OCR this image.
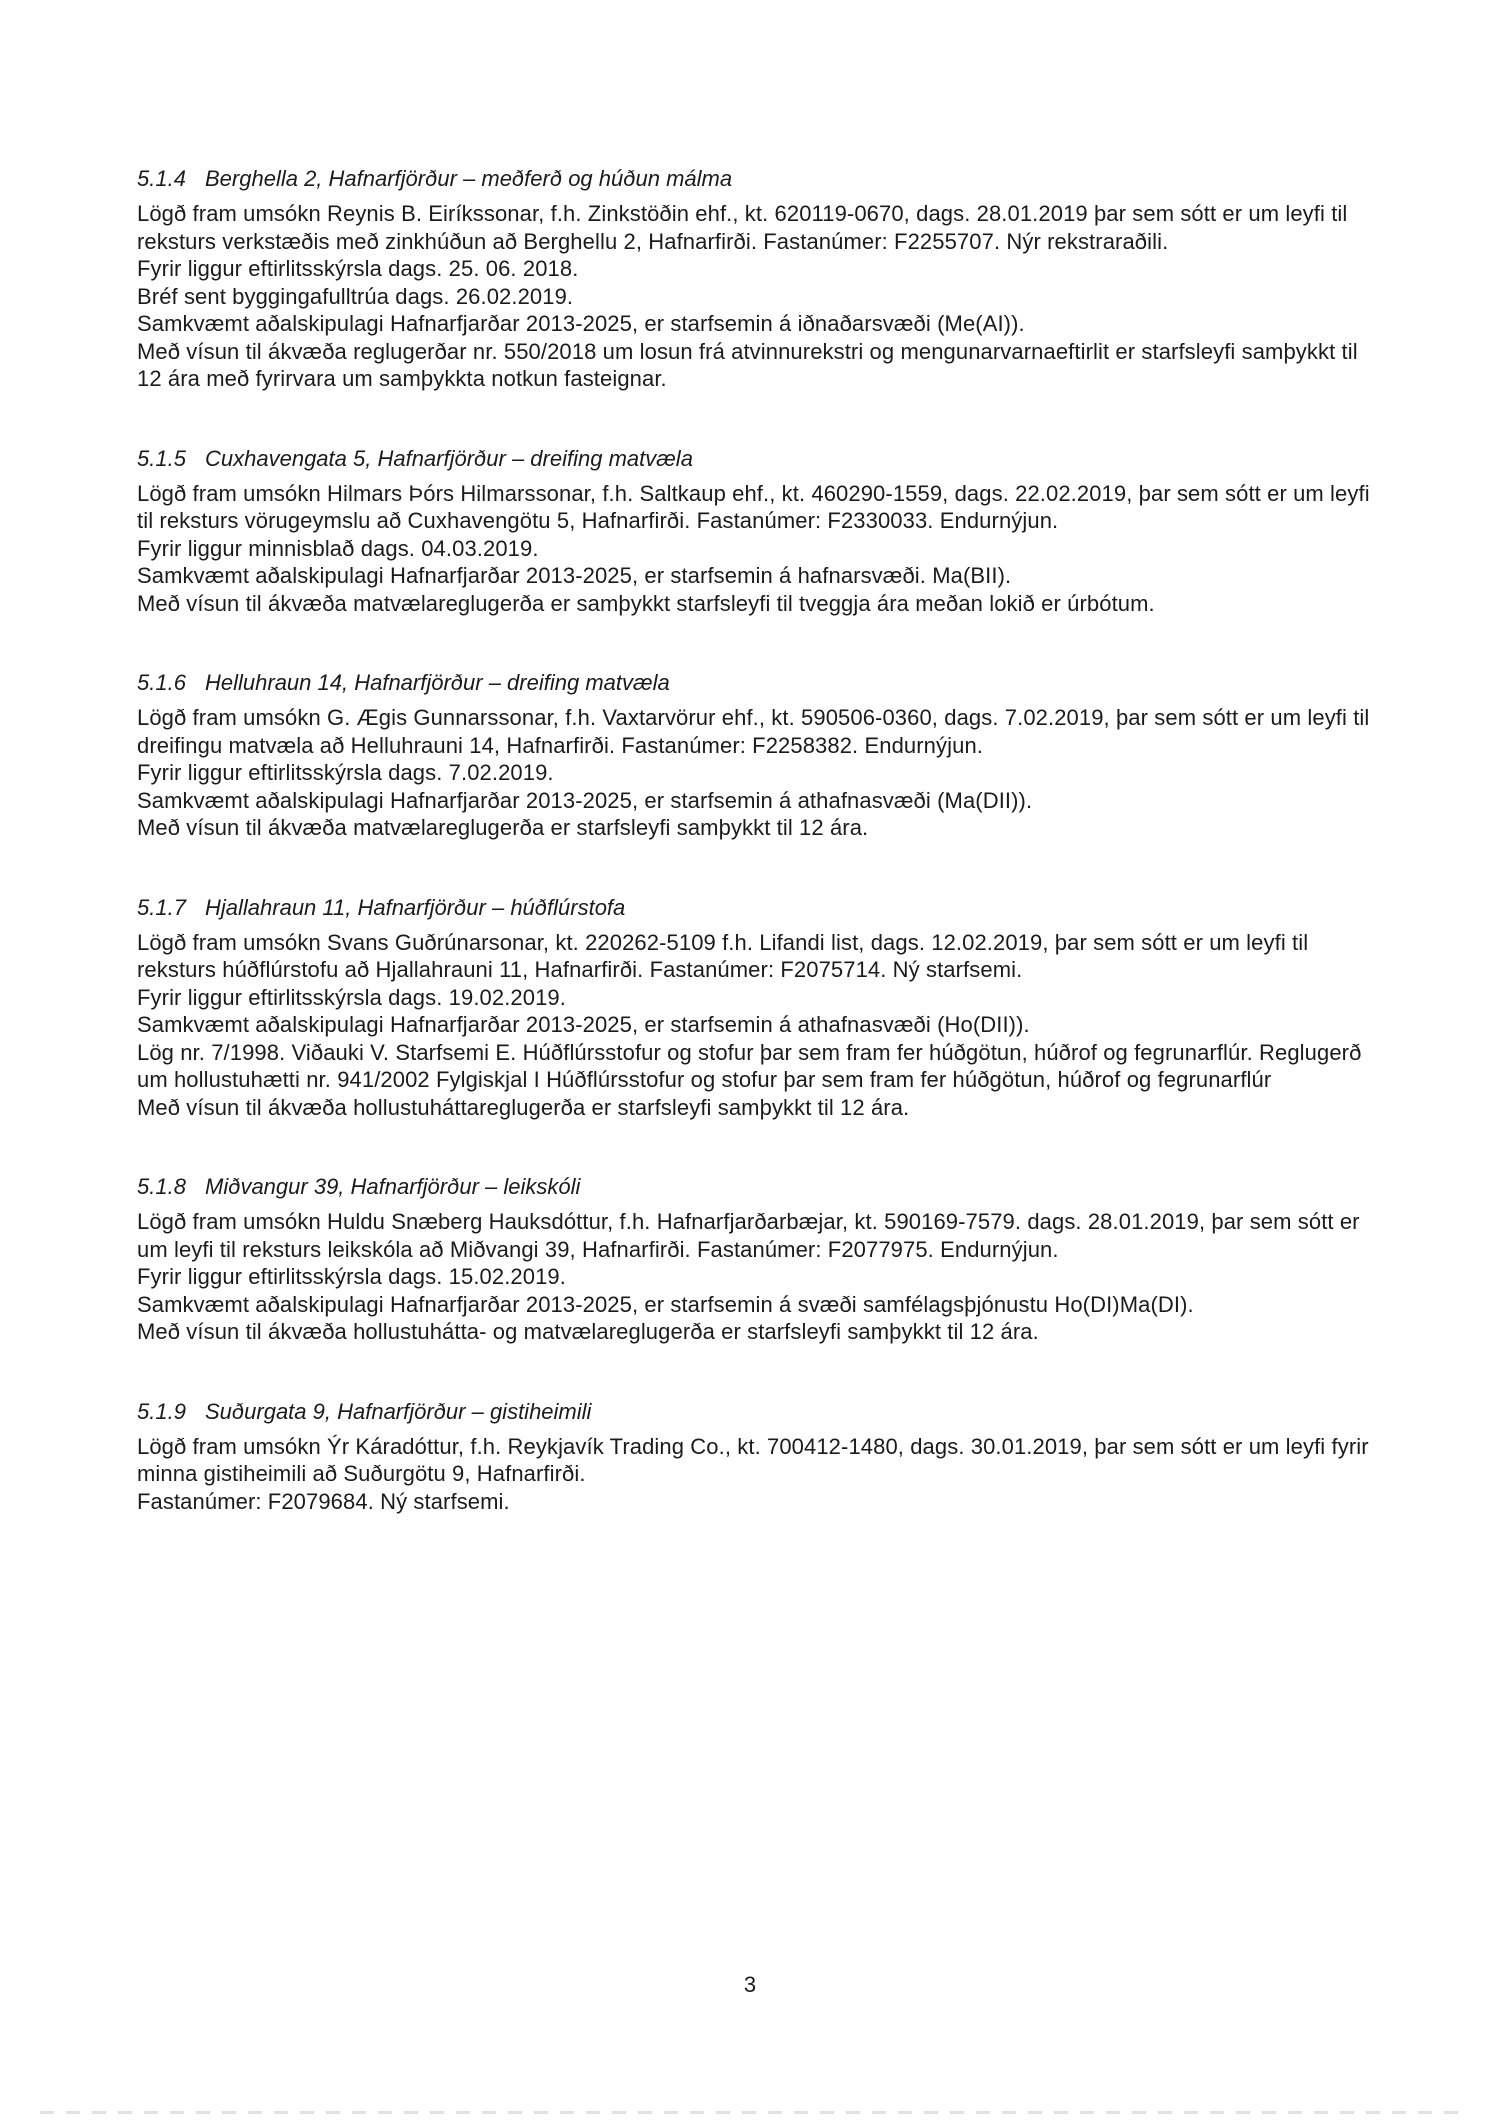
5.1.4 Berghella 2, Hafnarfjörður – meðferð og húðun málma

Lögð fram umsókn Reynis B. Eiríkssonar, f.h. Zinkstöðin ehf., kt. 620119-0670, dags. 28.01.2019 þar sem sótt er um leyfi til reksturs verkstæðis með zinkhúðun að Berghellu 2, Hafnarfirði. Fastanúmer: F2255707. Nýr rekstraraðili.

Fyrir liggur eftirlitsskýrsla dags. 25. 06. 2018.

Bréf sent byggingafulltrúa dags. 26.02.2019.

Samkvæmt aðalskipulagi Hafnarfjarðar 2013-2025, er starfsemin á iðnaðarsvæði (Me(AI)).

Með vísun til ákvæða reglugerðar nr. 550/2018 um losun frá atvinnurekstri og mengunarvarnaeftirlit er starfsleyfi samþykkt til 12 ára með fyrirvara um samþykkta notkun fasteignar.

5.1.5 Cuxhavengata 5, Hafnarfjörður – dreifing matvæla

Lögð fram umsókn Hilmars Þórs Hilmarssonar, f.h. Saltkaup ehf., kt. 460290-1559, dags. 22.02.2019, þar sem sótt er um leyfi til reksturs vörugeymslu að Cuxhavengötu 5, Hafnarfirði. Fastanúmer: F2330033. Endurnýjun.

Fyrir liggur minnisblað dags. 04.03.2019.

Samkvæmt aðalskipulagi Hafnarfjarðar 2013-2025, er starfsemin á hafnarsvæði. Ma(BII).

Með vísun til ákvæða matvælareglugerða er samþykkt starfsleyfi til tveggja ára meðan lokið er úrbótum.

5.1.6 Helluhraun 14, Hafnarfjörður – dreifing matvæla

Lögð fram umsókn G. Ægis Gunnarssonar, f.h. Vaxtarvörur ehf., kt. 590506-0360, dags. 7.02.2019, þar sem sótt er um leyfi til dreifingu matvæla að Helluhrauni 14, Hafnarfirði. Fastanúmer: F2258382. Endurnýjun.

Fyrir liggur eftirlitsskýrsla dags. 7.02.2019.

Samkvæmt aðalskipulagi Hafnarfjarðar 2013-2025, er starfsemin á athafnasvæði (Ma(DII)).

Með vísun til ákvæða matvælareglugerða er starfsleyfi samþykkt til 12 ára.

5.1.7 Hjallahraun 11, Hafnarfjörður – húðflúrstofa

Lögð fram umsókn Svans Guðrúnarsonar, kt. 220262-5109 f.h. Lifandi list, dags. 12.02.2019, þar sem sótt er um leyfi til reksturs húðflúrstofu að Hjallahrauni 11, Hafnarfirði. Fastanúmer: F2075714. Ný starfsemi.

Fyrir liggur eftirlitsskýrsla dags. 19.02.2019.

Samkvæmt aðalskipulagi Hafnarfjarðar 2013-2025, er starfsemin á athafnasvæði (Ho(DII)).

Lög nr. 7/1998. Viðauki V. Starfsemi E. Húðflúrsstofur og stofur þar sem fram fer húðgötun, húðrof og fegrunarflúr. Reglugerð um hollustuhætti nr. 941/2002 Fylgiskjal I Húðflúrsstofur og stofur þar sem fram fer húðgötun, húðrof og fegrunarflúr

Með vísun til ákvæða hollustuháttareglugerða er starfsleyfi samþykkt til 12 ára.

5.1.8 Miðvangur 39, Hafnarfjörður – leikskóli

Lögð fram umsókn Huldu Snæberg Hauksdóttur, f.h. Hafnarfjarðarbæjar, kt. 590169-7579. dags. 28.01.2019, þar sem sótt er um leyfi til reksturs leikskóla að Miðvangi 39, Hafnarfirði. Fastanúmer: F2077975. Endurnýjun.

Fyrir liggur eftirlitsskýrsla dags. 15.02.2019.

Samkvæmt aðalskipulagi Hafnarfjarðar 2013-2025, er starfsemin á svæði samfélagsþjónustu Ho(DI)Ma(DI).

Með vísun til ákvæða hollustuhátta- og matvælareglugerða er starfsleyfi samþykkt til 12 ára.

5.1.9 Suðurgata 9, Hafnarfjörður – gistiheimili

Lögð fram umsókn Ýr Káradóttur, f.h. Reykjavík Trading Co., kt. 700412-1480, dags. 30.01.2019, þar sem sótt er um leyfi fyrir minna gistiheimili að Suðurgötu 9, Hafnarfirði.

Fastanúmer: F2079684. Ný starfsemi.

3
